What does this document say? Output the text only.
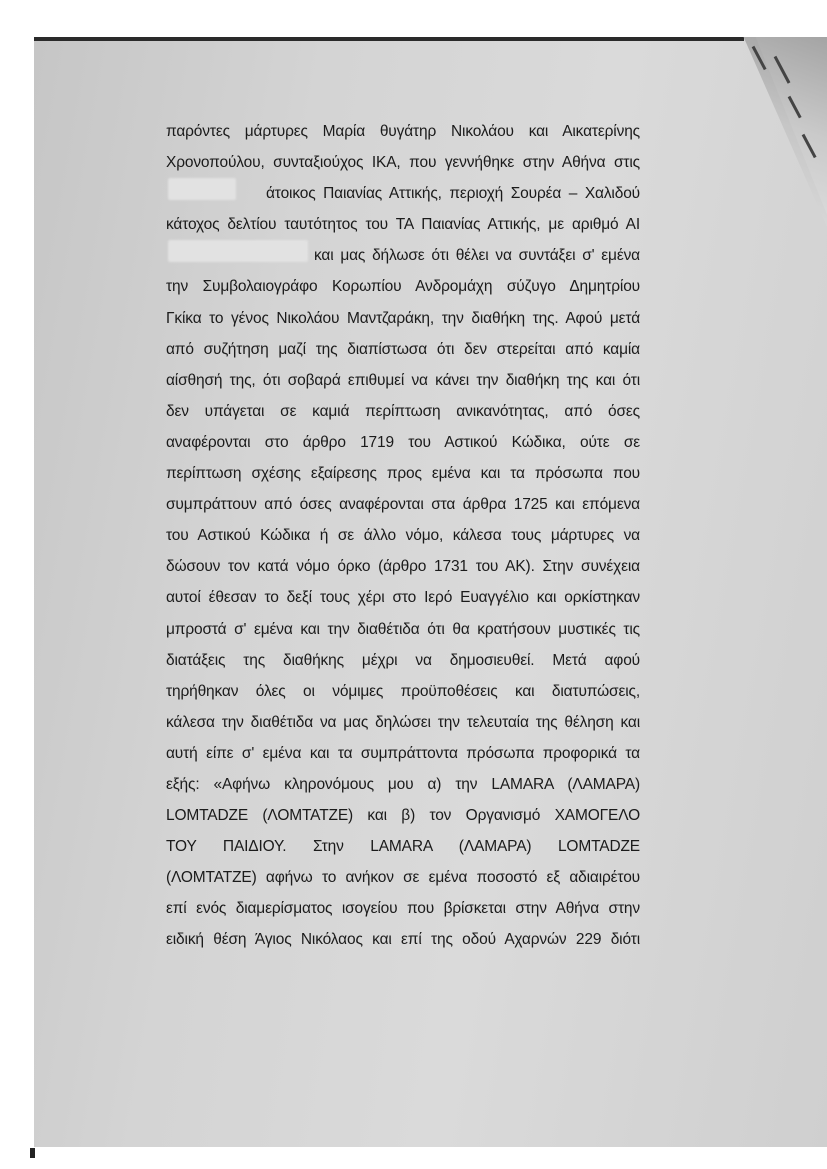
παρόντες μάρτυρες Μαρία θυγάτηρ Νικολάου και Αικατερίνης
Χρονοπούλου, συνταξιούχος ΙΚΑ, που γεννήθηκε στην Αθήνα στις
άτοικος Παιανίας Αττικής, περιοχή Σουρέα – Χαλιδού
κάτοχος δελτίου ταυτότητος του ΤΑ Παιανίας Αττικής, με αριθμό ΑΙ
και μας δήλωσε ότι θέλει να συντάξει σ' εμένα
την Συμβολαιογράφο Κορωπίου Ανδρομάχη σύζυγο Δημητρίου
Γκίκα το γένος Νικολάου Μαντζαράκη, την διαθήκη της. Αφού μετά
από συζήτηση μαζί της διαπίστωσα ότι δεν στερείται από καμία
αίσθησή της, ότι σοβαρά επιθυμεί να κάνει την διαθήκη της και ότι
δεν υπάγεται σε καμιά περίπτωση ανικανότητας, από όσες
αναφέρονται στο άρθρο 1719 του Αστικού Κώδικα, ούτε σε
περίπτωση σχέσης εξαίρεσης προς εμένα και τα πρόσωπα που
συμπράττουν από όσες αναφέρονται στα άρθρα 1725 και επόμενα
του Αστικού Κώδικα ή σε άλλο νόμο, κάλεσα τους μάρτυρες να
δώσουν τον κατά νόμο όρκο (άρθρο 1731 του ΑΚ). Στην συνέχεια
αυτοί έθεσαν το δεξί τους χέρι στο Ιερό Ευαγγέλιο και ορκίστηκαν
μπροστά σ' εμένα και την διαθέτιδα ότι θα κρατήσουν μυστικές τις
διατάξεις της διαθήκης μέχρι να δημοσιευθεί. Μετά αφού
τηρήθηκαν όλες οι νόμιμες προϋποθέσεις και διατυπώσεις,
κάλεσα την διαθέτιδα να μας δηλώσει την τελευταία της θέληση και
αυτή είπε σ' εμένα και τα συμπράττοντα πρόσωπα προφορικά τα
εξής: «Αφήνω κληρονόμους μου α) την LAMARA (ΛΑΜΑΡΑ)
LOMTADZE (ΛΟΜΤΑΤΖΕ) και β) τον Οργανισμό ΧΑΜΟΓΕΛΟ
ΤΟΥ ΠΑΙΔΙΟΥ. Στην LAMARA (ΛΑΜΑΡΑ) LOMTADZE
(ΛΟΜΤΑΤΖΕ) αφήνω το ανήκον σε εμένα ποσοστό εξ αδιαιρέτου
επί ενός διαμερίσματος ισογείου που βρίσκεται στην Αθήνα στην
ειδική θέση Άγιος Νικόλαος και επί της οδού Αχαρνών 229 διότι
